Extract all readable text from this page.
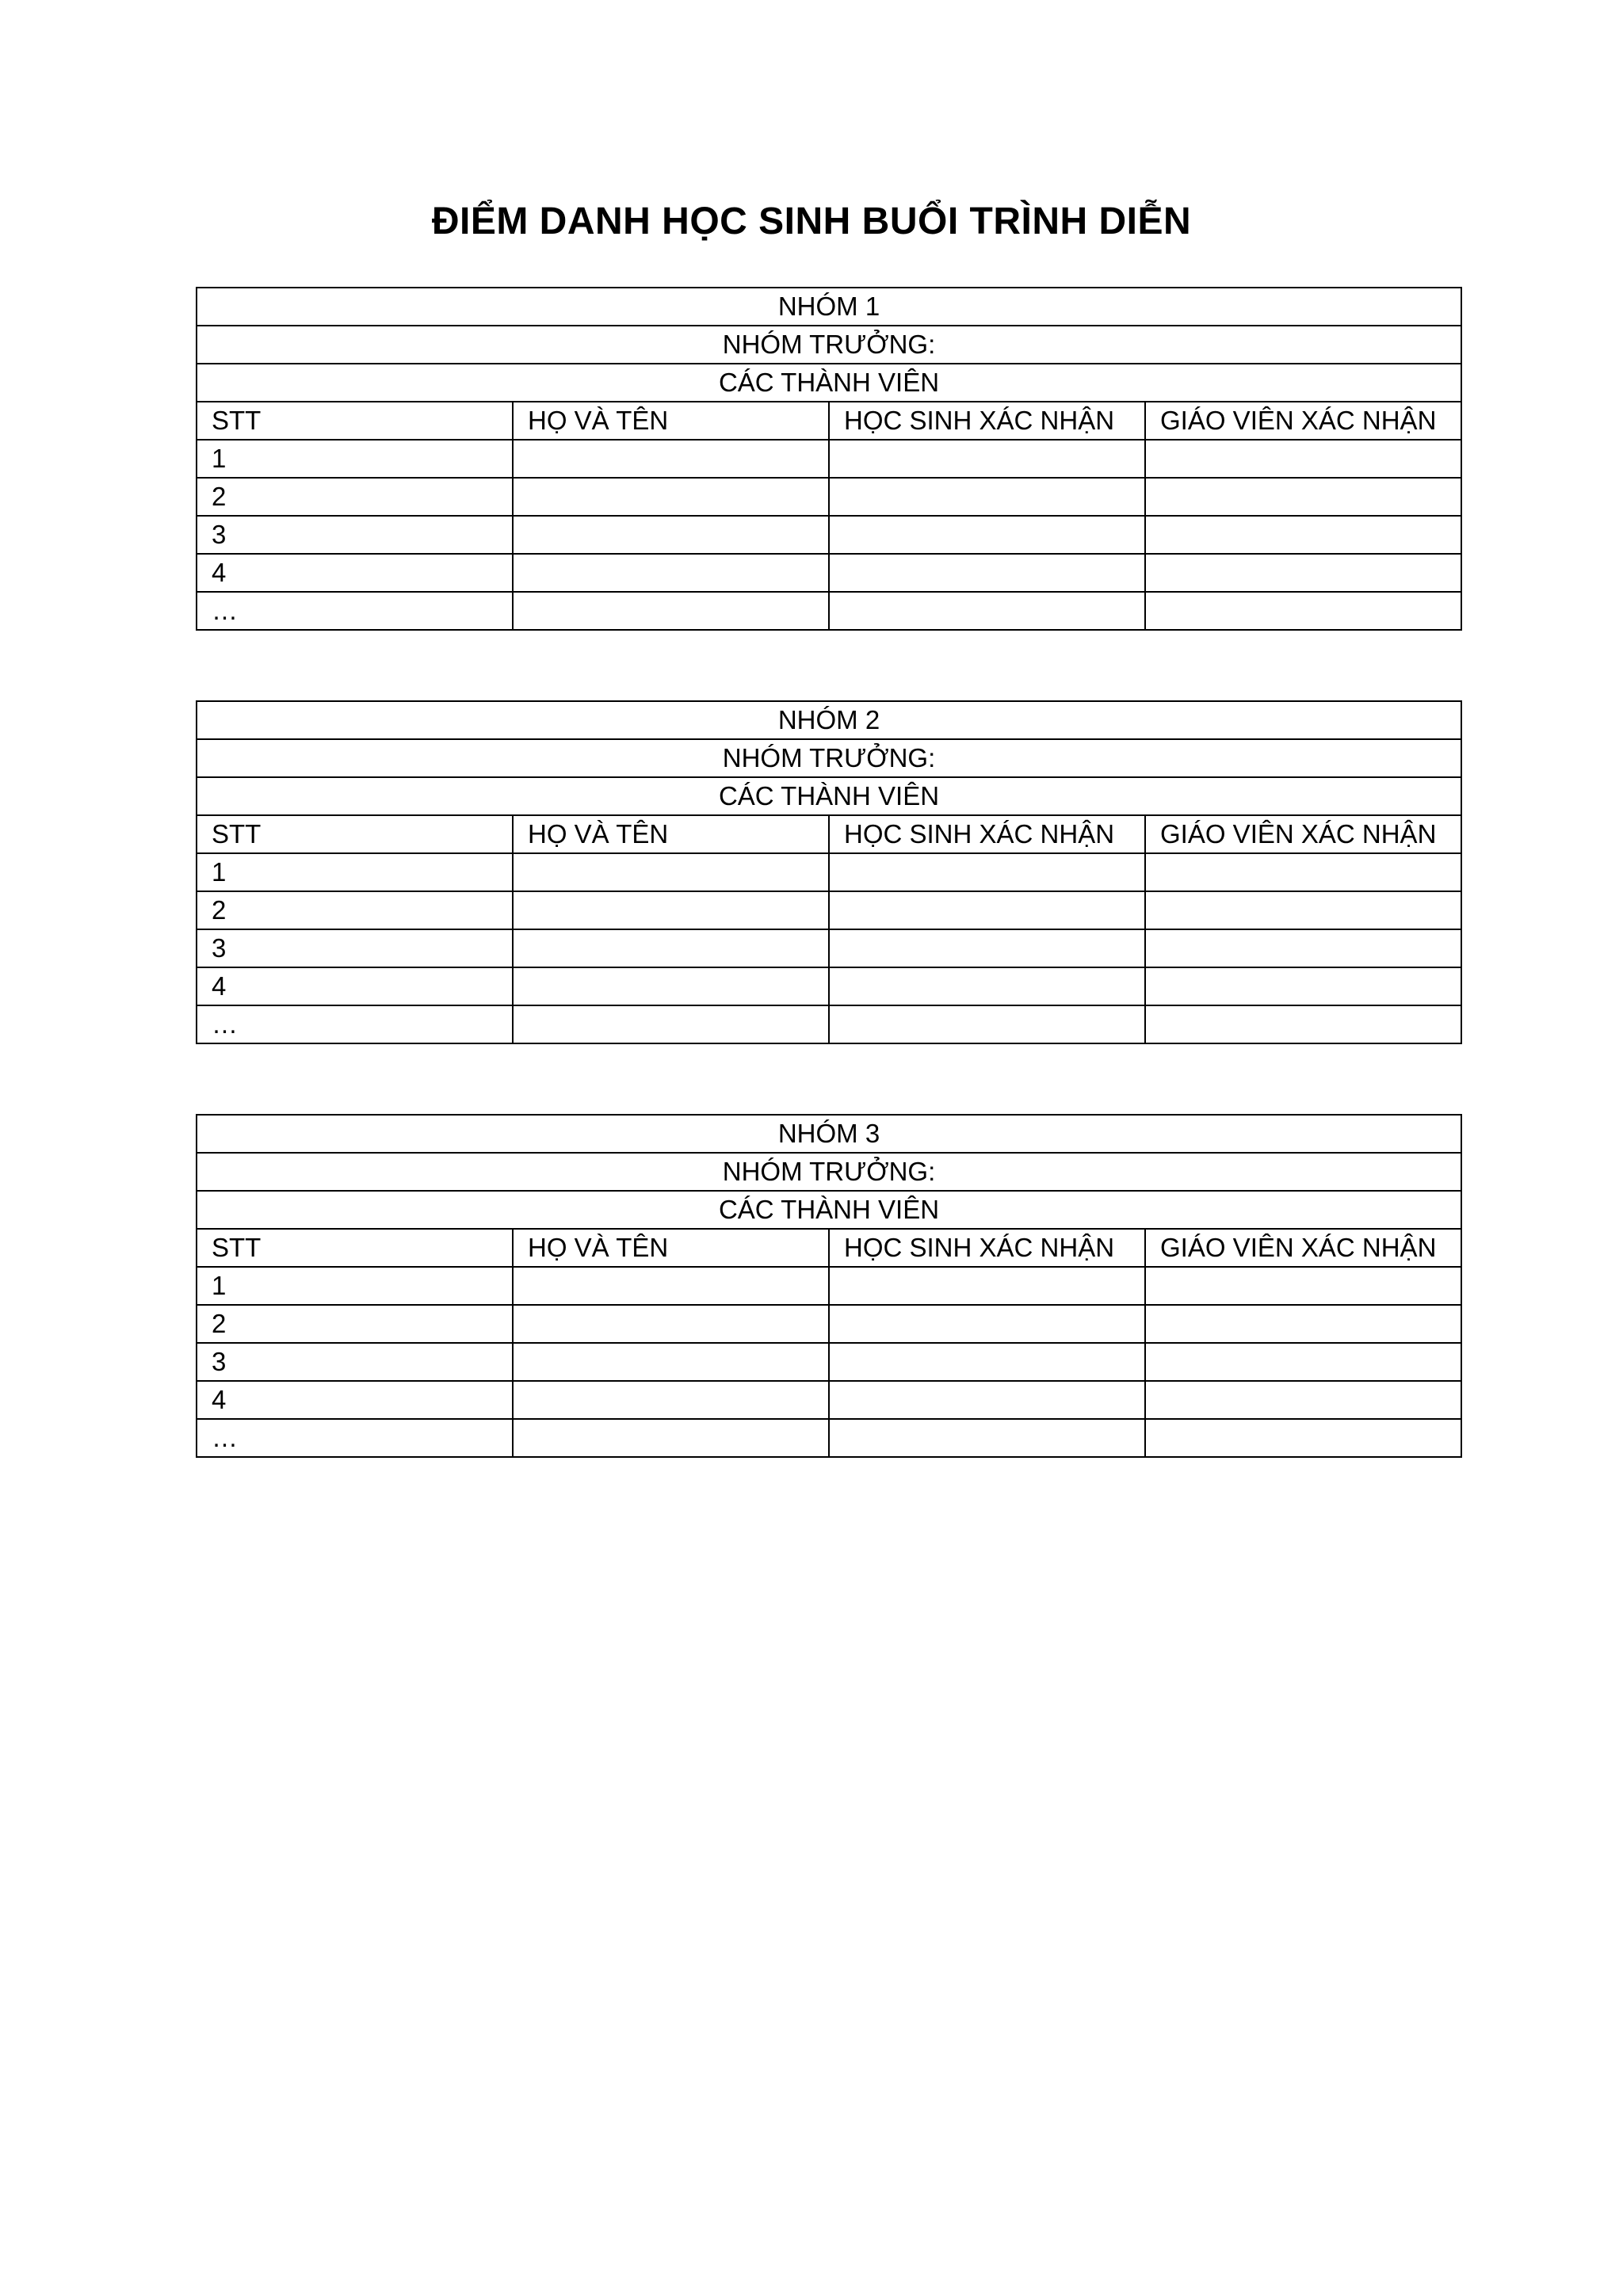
ĐIỂM DANH HỌC SINH BUỔI TRÌNH DIỄN
NHÓM 1			
NHÓM TRƯỞNG:			
CÁC THÀNH VIÊN			
STT	HỌ VÀ TÊN	HỌC SINH XÁC NHẬN	GIÁO VIÊN XÁC NHẬN
1			
2			
3			
4			
…			
NHÓM 2			
NHÓM TRƯỞNG:			
CÁC THÀNH VIÊN			
STT	HỌ VÀ TÊN	HỌC SINH XÁC NHẬN	GIÁO VIÊN XÁC NHẬN
1			
2			
3			
4			
…			
NHÓM 3			
NHÓM TRƯỞNG:			
CÁC THÀNH VIÊN			
STT	HỌ VÀ TÊN	HỌC SINH XÁC NHẬN	GIÁO VIÊN XÁC NHẬN
1			
2			
3			
4			
…			
